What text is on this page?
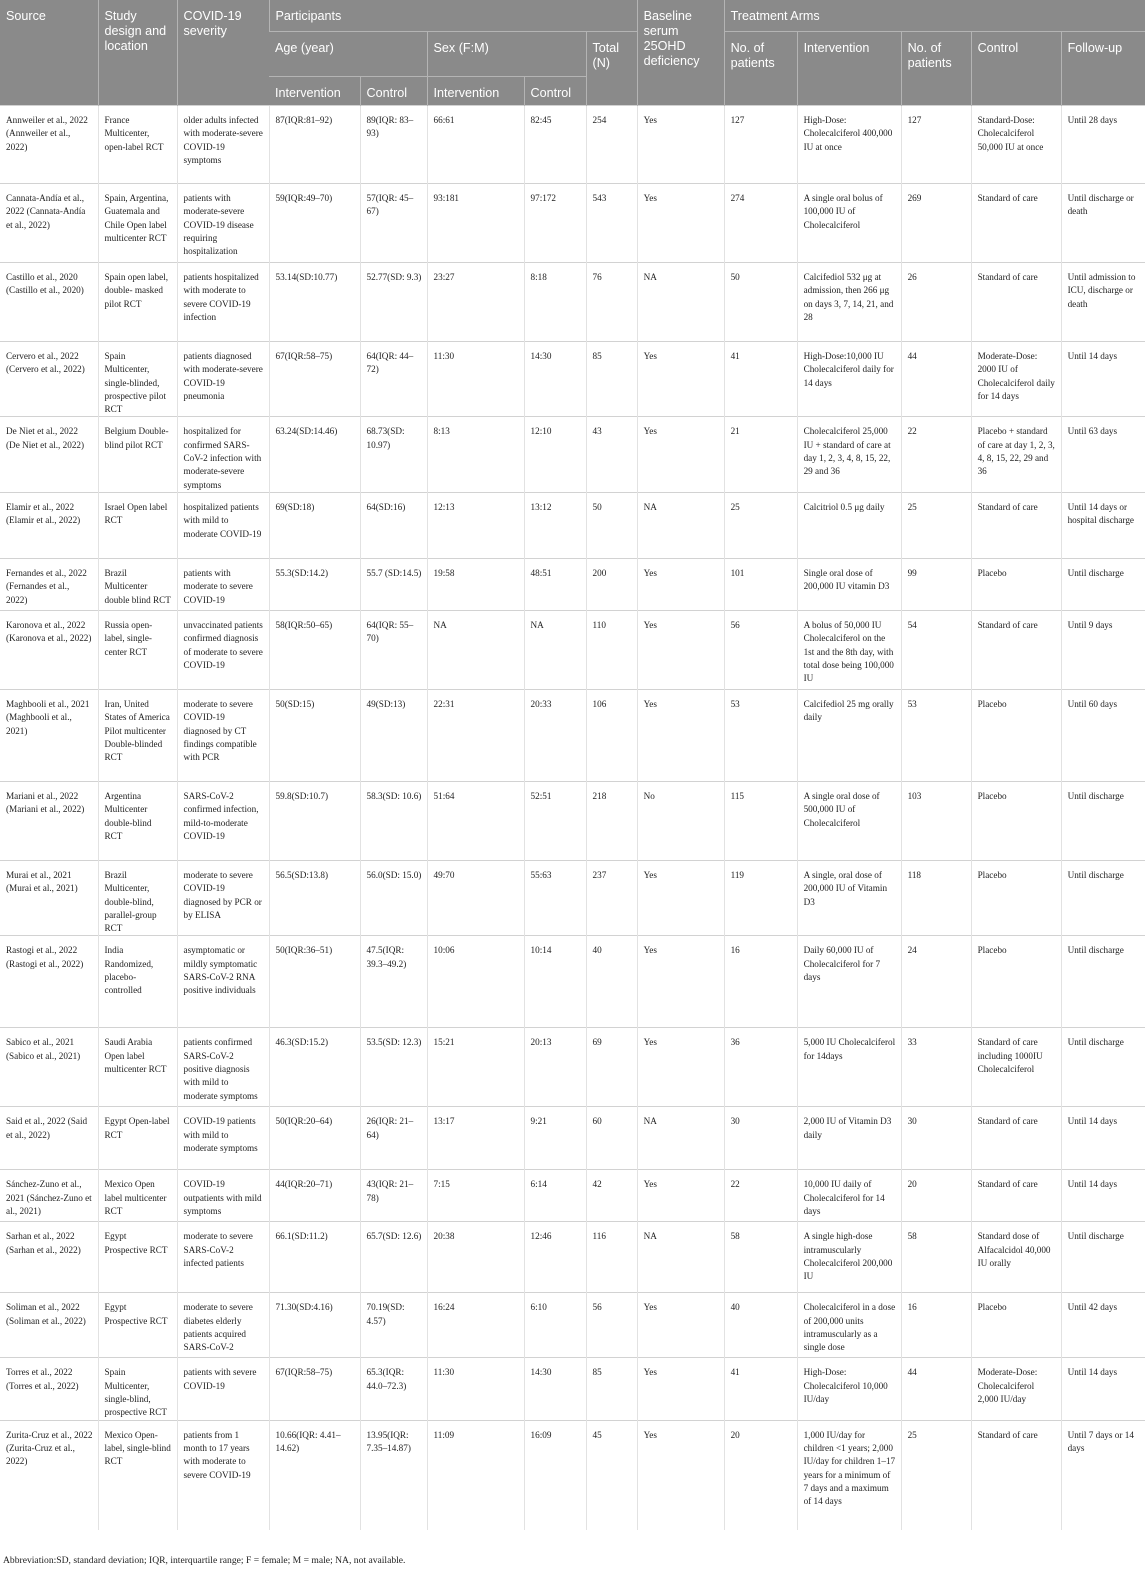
Source	Study design and location	COVID-19 severity	Participants					Baseline serum 25OHD deficiency	Treatment Arms				
			Age (year)		Sex (F:M)		Total (N)		No. of patients	Intervention	No. of patients	Control	Follow-up
			Intervention	Control	Intervention	Control							
Annweiler et al., 2022 (Annweiler et al., 2022)	France Multicenter, open-label RCT	older adults infected with moderate-severe COVID-19 symptoms	87(IQR:81–92)	89(IQR: 83–93)	66:61	82:45	254	Yes	127	High-Dose: Cholecalciferol 400,000 IU at once	127	Standard-Dose: Cholecalciferol 50,000 IU at once	Until 28 days
Cannata-Andía et al., 2022 (Cannata-Andía et al., 2022)	Spain, Argentina, Guatemala and Chile Open label multicenter RCT	patients with moderate-severe COVID-19 disease requiring hospitalization	59(IQR:49–70)	57(IQR: 45–67)	93:181	97:172	543	Yes	274	A single oral bolus of 100,000 IU of Cholecalciferol	269	Standard of care	Until discharge or death
Castillo et al., 2020 (Castillo et al., 2020)	Spain open label, double- masked pilot RCT	patients hospitalized with moderate to severe COVID-19 infection	53.14(SD:10.77)	52.77(SD: 9.3)	23:27	8:18	76	NA	50	Calcifediol 532 μg at admission, then 266 μg on days 3, 7, 14, 21, and 28	26	Standard of care	Until admission to ICU, discharge or death
Cervero et al., 2022 (Cervero et al., 2022)	Spain Multicenter, single-blinded, prospective pilot RCT	patients diagnosed with moderate-severe COVID-19 pneumonia	67(IQR:58–75)	64(IQR: 44–72)	11:30	14:30	85	Yes	41	High-Dose:10,000 IU Cholecalciferol daily for 14 days	44	Moderate-Dose: 2000 IU of Cholecalciferol daily for 14 days	Until 14 days
De Niet et al., 2022 (De Niet et al., 2022)	Belgium Double-blind pilot RCT	hospitalized for confirmed SARS-CoV-2 infection with moderate-severe symptoms	63.24(SD:14.46)	68.73(SD: 10.97)	8:13	12:10	43	Yes	21	Cholecalciferol 25,000 IU + standard of care at day 1, 2, 3, 4, 8, 15, 22, 29 and 36	22	Placebo + standard of care at day 1, 2, 3, 4, 8, 15, 22, 29 and 36	Until 63 days
Elamir et al., 2022 (Elamir et al., 2022)	Israel Open label RCT	hospitalized patients with mild to moderate COVID-19	69(SD:18)	64(SD:16)	12:13	13:12	50	NA	25	Calcitriol 0.5 μg daily	25	Standard of care	Until 14 days or hospital discharge
Fernandes et al., 2022 (Fernandes et al., 2022)	Brazil Multicenter double blind RCT	patients with moderate to severe COVID-19	55.3(SD:14.2)	55.7 (SD:14.5)	19:58	48:51	200	Yes	101	Single oral dose of 200,000 IU vitamin D3	99	Placebo	Until discharge
Karonova et al., 2022 (Karonova et al., 2022)	Russia open-label, single-center RCT	unvaccinated patients confirmed diagnosis of moderate to severe COVID-19	58(IQR:50–65)	64(IQR: 55–70)	NA	NA	110	Yes	56	A bolus of 50,000 IU Cholecalciferol on the 1st and the 8th day, with total dose being 100,000 IU	54	Standard of care	Until 9 days
Maghbooli et al., 2021 (Maghbooli et al., 2021)	Iran, United States of America Pilot multicenter Double-blinded RCT	moderate to severe COVID-19 diagnosed by CT findings compatible with PCR	50(SD:15)	49(SD:13)	22:31	20:33	106	Yes	53	Calcifediol 25 mg orally daily	53	Placebo	Until 60 days
Mariani et al., 2022 (Mariani et al., 2022)	Argentina Multicenter double-blind RCT	SARS-CoV-2 confirmed infection, mild-to-moderate COVID-19	59.8(SD:10.7)	58.3(SD: 10.6)	51:64	52:51	218	No	115	A single oral dose of 500,000 IU of Cholecalciferol	103	Placebo	Until discharge
Murai et al., 2021 (Murai et al., 2021)	Brazil Multicenter, double-blind, parallel-group RCT	moderate to severe COVID-19 diagnosed by PCR or by ELISA	56.5(SD:13.8)	56.0(SD: 15.0)	49:70	55:63	237	Yes	119	A single, oral dose of 200,000 IU of Vitamin D3	118	Placebo	Until discharge
Rastogi et al., 2022 (Rastogi et al., 2022)	India Randomized, placebo-controlled	asymptomatic or mildly symptomatic SARS-CoV-2 RNA positive individuals	50(IQR:36–51)	47.5(IQR: 39.3–49.2)	10:06	10:14	40	Yes	16	Daily 60,000 IU of Cholecalciferol for 7 days	24	Placebo	Until discharge
Sabico et al., 2021 (Sabico et al., 2021)	Saudi Arabia Open label multicenter RCT	patients confirmed SARS-CoV-2 positive diagnosis with mild to moderate symptoms	46.3(SD:15.2)	53.5(SD: 12.3)	15:21	20:13	69	Yes	36	5,000 IU Cholecalciferol for 14days	33	Standard of care including 1000IU Cholecalciferol	Until discharge
Said et al., 2022 (Said et al., 2022)	Egypt Open-label RCT	COVID-19 patients with mild to moderate symptoms	50(IQR:20–64)	26(IQR: 21–64)	13:17	9:21	60	NA	30	2,000 IU of Vitamin D3 daily	30	Standard of care	Until 14 days
Sánchez-Zuno et al., 2021 (Sánchez-Zuno et al., 2021)	Mexico Open label multicenter RCT	COVID-19 outpatients with mild symptoms	44(IQR:20–71)	43(IQR: 21–78)	7:15	6:14	42	Yes	22	10,000 IU daily of Cholecalciferol for 14 days	20	Standard of care	Until 14 days
Sarhan et al., 2022 (Sarhan et al., 2022)	Egypt Prospective RCT	moderate to severe SARS-CoV-2 infected patients	66.1(SD:11.2)	65.7(SD: 12.6)	20:38	12:46	116	NA	58	A single high-dose intramuscularly Cholecalciferol 200,000 IU	58	Standard dose of Alfacalcidol 40,000 IU orally	Until discharge
Soliman et al., 2022 (Soliman et al., 2022)	Egypt Prospective RCT	moderate to severe diabetes elderly patients acquired SARS-CoV-2	71.30(SD:4.16)	70.19(SD: 4.57)	16:24	6:10	56	Yes	40	Cholecalciferol in a dose of 200,000 units intramuscularly as a single dose	16	Placebo	Until 42 days
Torres et al., 2022 (Torres et al., 2022)	Spain Multicenter, single-blind, prospective RCT	patients with severe COVID-19	67(IQR:58–75)	65.3(IQR: 44.0–72.3)	11:30	14:30	85	Yes	41	High-Dose: Cholecalciferol 10,000 IU/day	44	Moderate-Dose: Cholecalciferol 2,000 IU/day	Until 14 days
Zurita-Cruz et al., 2022 (Zurita-Cruz et al., 2022)	Mexico Open-label, single-blind RCT	patients from 1 month to 17 years with moderate to severe COVID-19	10.66(IQR: 4.41–14.62)	13.95(IQR: 7.35–14.87)	11:09	16:09	45	Yes	20	1,000 IU/day for children <1 years; 2,000 IU/day for children 1–17 years for a minimum of 7 days and a maximum of 14 days	25	Standard of care	Until 7 days or 14 days
Abbreviation:SD, standard deviation; IQR, interquartile range; F = female; M = male; NA, not available.
